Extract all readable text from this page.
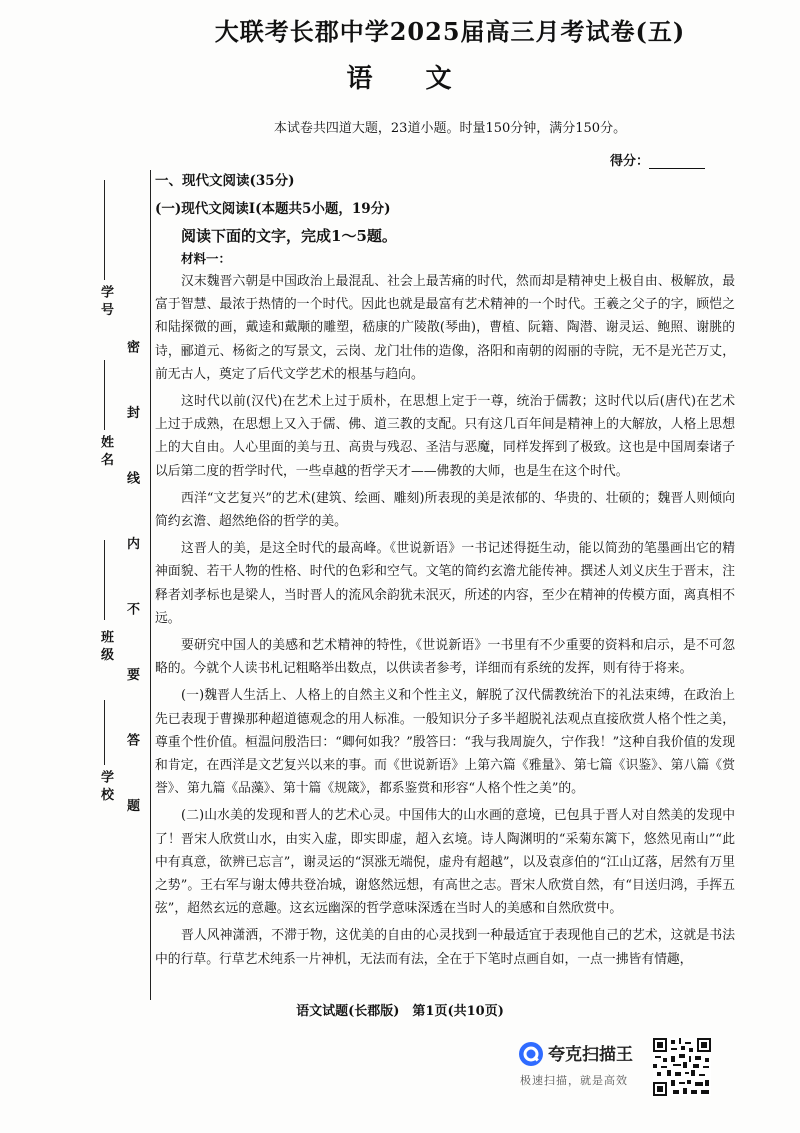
大联考长郡中学2025届高三月考试卷(五)
语 文
本试卷共四道大题，23道小题。时量150分钟，满分150分。
得分：
学 校
班 级
姓 名
学 号
密 封 线 内 不 要 答 题
一、现代文阅读(35分)
(一)现代文阅读Ⅰ(本题共5小题，19分)
阅读下面的文字，完成1～5题。
材料一：

汉末魏晋六朝是中国政治上最混乱、社会上最苦痛的时代，然而却是精神史上极自由、极解放，最富于智慧、最浓于热情的一个时代。因此也就是最富有艺术精神的一个时代。王羲之父子的字，顾恺之和陆探微的画，戴逵和戴颙的雕塑，嵇康的广陵散(琴曲)，曹植、阮籍、陶潜、谢灵运、鲍照、谢朓的诗，郦道元、杨衒之的写景文，云岗、龙门壮伟的造像，洛阳和南朝的闳丽的寺院，无不是光芒万丈，前无古人，奠定了后代文学艺术的根基与趋向。

这时代以前(汉代)在艺术上过于质朴，在思想上定于一尊，统治于儒教；这时代以后(唐代)在艺术上过于成熟，在思想上又入于儒、佛、道三教的支配。只有这几百年间是精神上的大解放，人格上思想上的大自由。人心里面的美与丑、高贵与残忍、圣洁与恶魔，同样发挥到了极致。这也是中国周秦诸子以后第二度的哲学时代，一些卓越的哲学天才——佛教的大师，也是生在这个时代。

西洋“文艺复兴”的艺术(建筑、绘画、雕刻)所表现的美是浓郁的、华贵的、壮硕的；魏晋人则倾向简约玄澹、超然绝俗的哲学的美。

这晋人的美，是这全时代的最高峰。《世说新语》一书记述得挺生动，能以简劲的笔墨画出它的精神面貌、若干人物的性格、时代的色彩和空气。文笔的简约玄澹尤能传神。撰述人刘义庆生于晋末，注释者刘孝标也是梁人，当时晋人的流风余韵犹未泯灭，所述的内容，至少在精神的传模方面，离真相不远。

要研究中国人的美感和艺术精神的特性，《世说新语》一书里有不少重要的资料和启示，是不可忽略的。今就个人读书札记粗略举出数点，以供读者参考，详细而有系统的发挥，则有待于将来。

(一)魏晋人生活上、人格上的自然主义和个性主义，解脱了汉代儒教统治下的礼法束缚，在政治上先已表现于曹操那种超道德观念的用人标准。一般知识分子多半超脱礼法观点直接欣赏人格个性之美，尊重个性价值。桓温问殷浩曰：“卿何如我？”殷答曰：“我与我周旋久，宁作我！”这种自我价值的发现和肯定，在西洋是文艺复兴以来的事。而《世说新语》上第六篇《雅量》、第七篇《识鉴》、第八篇《赏誉》、第九篇《品藻》、第十篇《规箴》，都系鉴赏和形容“人格个性之美”的。

(二)山水美的发现和晋人的艺术心灵。中国伟大的山水画的意境，已包具于晋人对自然美的发现中了！晋宋人欣赏山水，由实入虚，即实即虚，超入玄境。诗人陶渊明的“采菊东篱下，悠然见南山”“此中有真意，欲辨已忘言”，谢灵运的“溟涨无端倪，虚舟有超越”，以及袁彦伯的“江山辽落，居然有万里之势”。王右军与谢太傅共登冶城，谢悠然远想，有高世之志。晋宋人欣赏自然，有“目送归鸿，手挥五弦”，超然玄远的意趣。这玄远幽深的哲学意味深透在当时人的美感和自然欣赏中。

晋人风神潇洒，不滞于物，这优美的自由的心灵找到一种最适宜于表现他自己的艺术，这就是书法中的行草。行草艺术纯系一片神机，无法而有法，全在于下笔时点画自如，一点一拂皆有情趣，

语文试题(长郡版)　第1页(共10页)
夸克扫描王
极速扫描，就是高效
